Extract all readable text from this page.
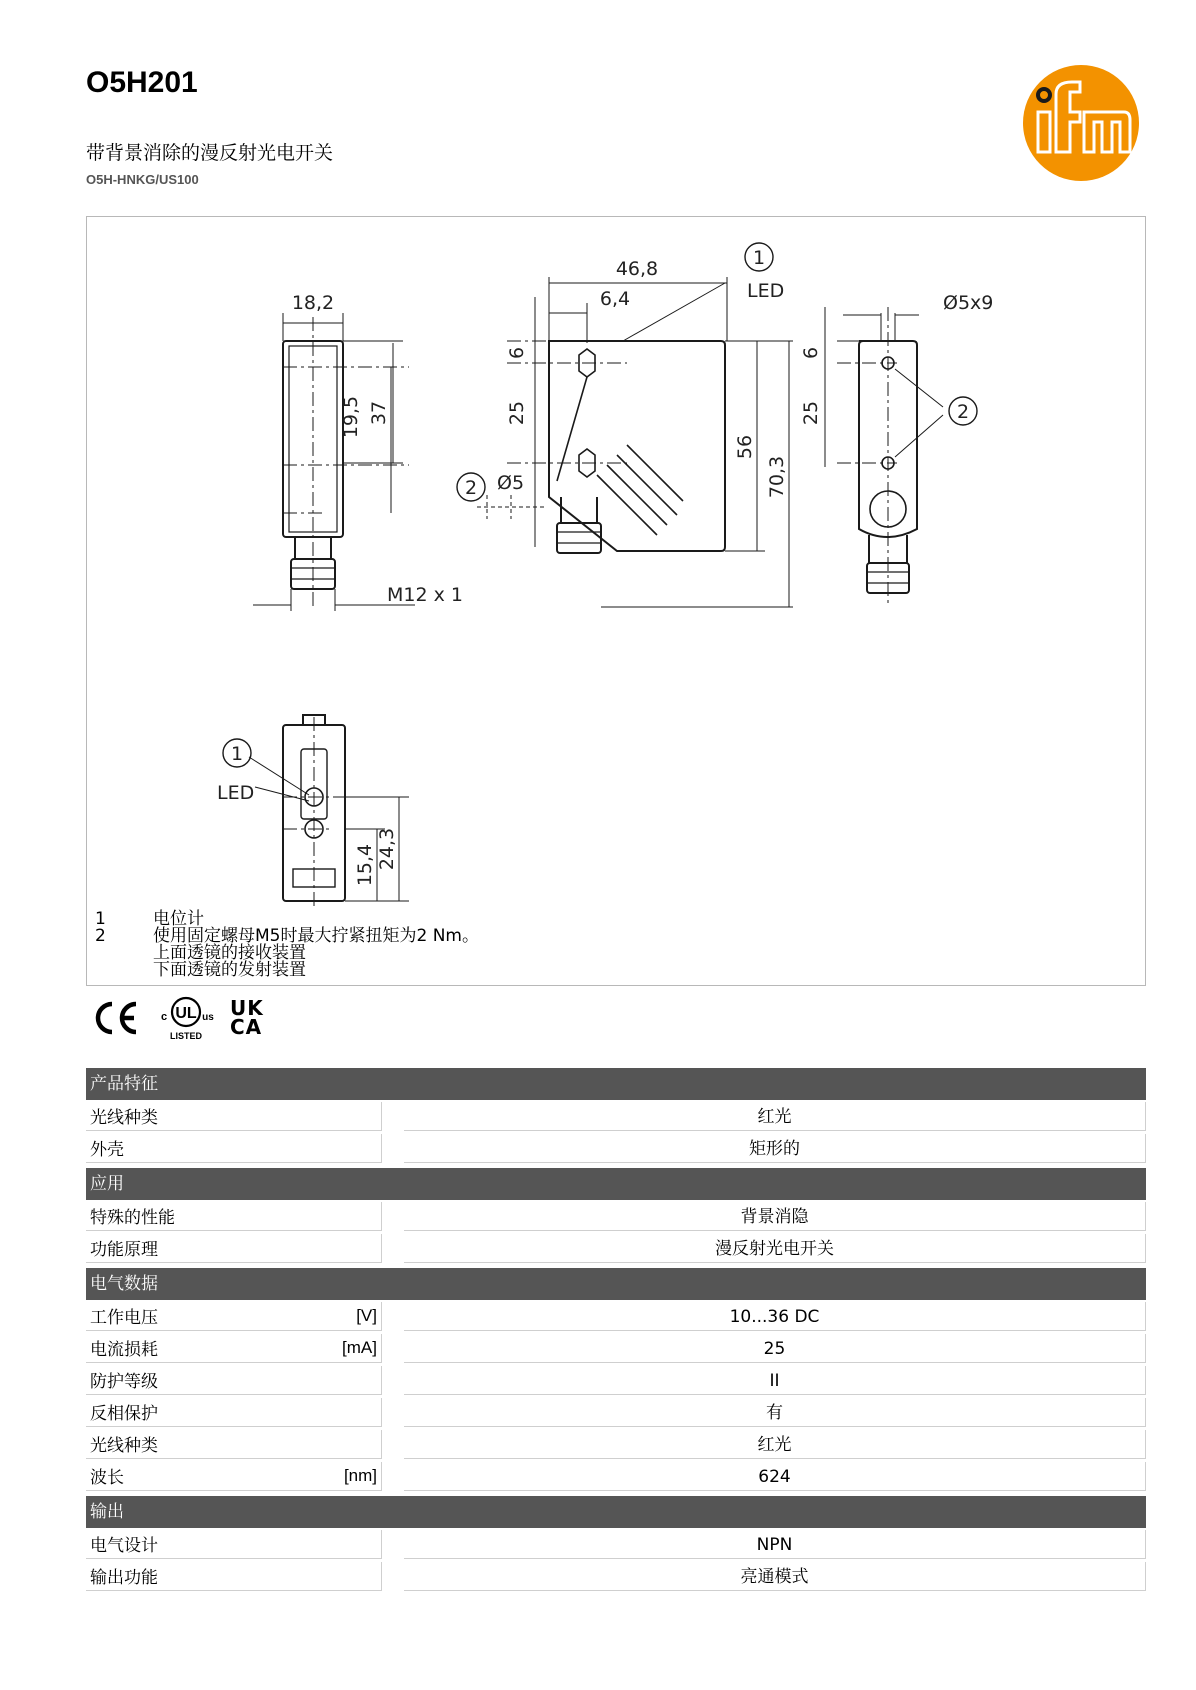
O5H201
带背景消除的漫反射光电开关
O5H-HNKG/US100
18,2
19,5 37
M12 x 1
46,8
6,4
6
25
Ø5
56
70,3
LED
1
2
Ø5x9
6
25	2
LED
1
15,4 24,3
1	电位计
2	使用固定螺母M5时最大拧紧扭矩为2 Nm。
上面透镜的接收装置
下面透镜的发射装置
UL
c	us
LISTED
UK
CA
产品特征
光线种类	红光
外壳	矩形的
应用
特殊的性能	背景消隐
功能原理	漫反射光电开关
电气数据
工作电压	[V]	10...36 DC
电流损耗	[mA]	25
防护等级	II
反相保护	有
光线种类	红光
波长	[nm]	624
输出
电气设计	NPN
输出功能	亮通模式
